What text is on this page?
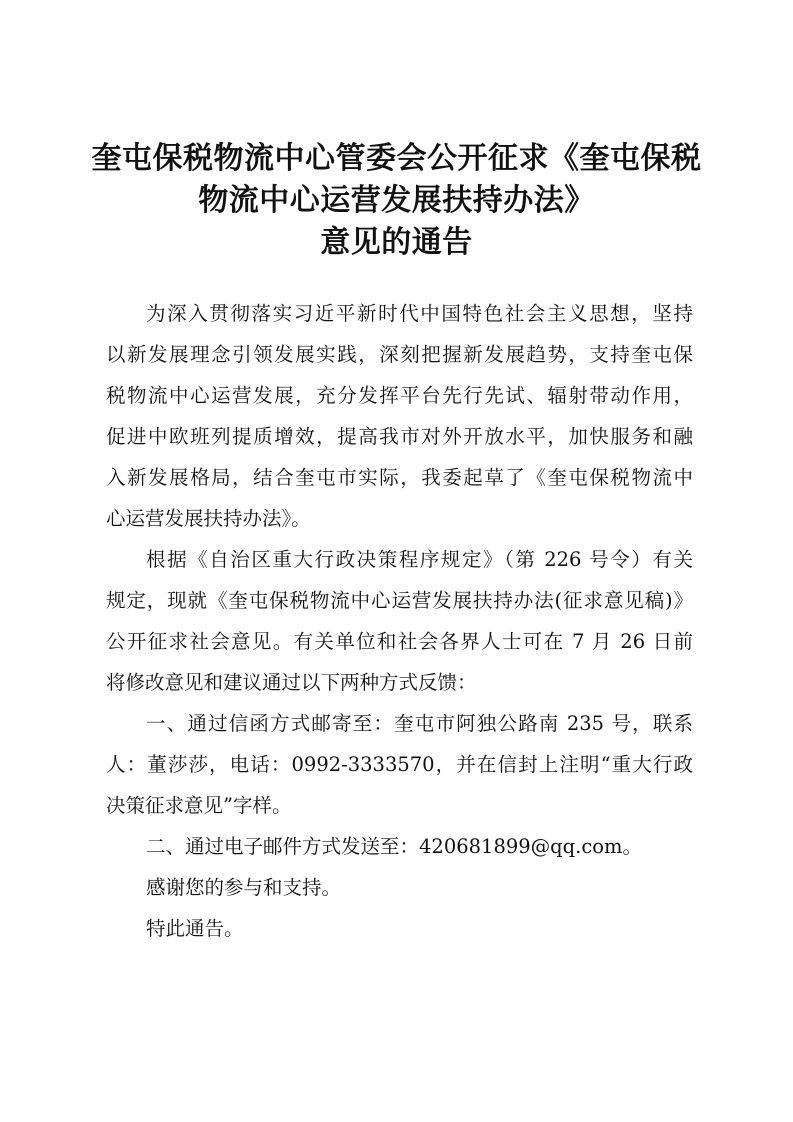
奎屯保税物流中心管委会公开征求《奎屯保税
物流中心运营发展扶持办法》
意见的通告
为深入贯彻落实习近平新时代中国特色社会主义思想，坚持
以新发展理念引领发展实践，深刻把握新发展趋势，支持奎屯保
税物流中心运营发展，充分发挥平台先行先试、辐射带动作用，
促进中欧班列提质增效，提高我市对外开放水平，加快服务和融
入新发展格局，结合奎屯市实际，我委起草了《奎屯保税物流中
心运营发展扶持办法》。
根据《自治区重大行政决策程序规定》（第 226 号令）有关
规定，现就《奎屯保税物流中心运营发展扶持办法(征求意见稿)》
公开征求社会意见。有关单位和社会各界人士可在 7 月 26 日前
将修改意见和建议通过以下两种方式反馈：
一、通过信函方式邮寄至：奎屯市阿独公路南 235 号，联系
人：董莎莎，电话：0992-3333570，并在信封上注明“重大行政
决策征求意见”字样。
二、通过电子邮件方式发送至：420681899@qq.com。
感谢您的参与和支持。
特此通告。
